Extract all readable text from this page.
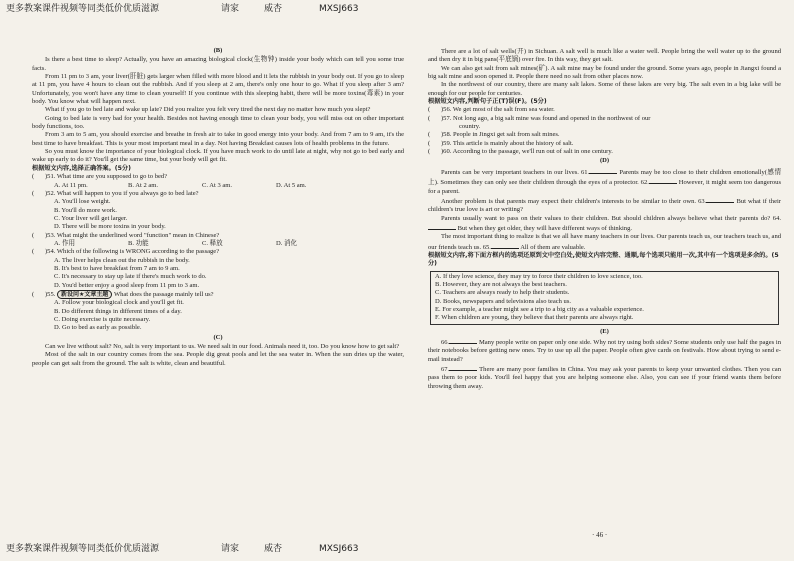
更多教案课件视频等同类低价优质滋源	请家	威杏	MXSJ663

(B)

Is there a best time to sleep? Actually, you have an amazing biological clock(生物钟) inside your body which can tell you some true facts.

From 11 pm to 3 am, your liver(肝脏) gets larger when filled with more blood and it lets the rubbish in your body out. If you go to sleep at 11 pm, you have 4 hours to clean out the rubbish. And if you sleep at 2 am, there's only one hour to go. What if you sleep after 3 am? Unfortunately, you won't have any time to clean yourself! If you continue with this sleeping habit, there will be more toxins(毒素) in your body. You know what will happen next.

What if you go to bed late and wake up late? Did you realize you felt very tired the next day no matter how much you slept?

Going to bed late is very bad for your health. Besides not having enough time to clean your body, you will miss out on other important body functions, too.

From 3 am to 5 am, you should exercise and breathe in fresh air to take in good energy into your body. And from 7 am to 9 am, it's the best time to have breakfast. This is your most important meal in a day. Not having Breakfast causes lots of health problems in the future.

So you must know the importance of your biological clock. If you have much work to do until late at night, why not go to bed early and wake up early to do it? You'll get the same time, but your body will get fit.

根据短文内容,选择正确答案。(5分)

( )51. What time are you supposed to go to bed?

A. At 11 pm.	B. At 2 am.	C. At 3 am.	D. At 5 am.

( )52. What will happen to you if you always go to bed late?

A. You'll lose weight.

B. You'll do more work.

C. Your liver will get larger.

D. There will be more toxins in your body.

( )53. What might the underlined word "function" mean in Chinese?

A. 作用	B. 功能	C. 释放	D. 消化

( )54. Which of the following is WRONG according to the passage?

A. The liver helps clean out the rubbish in the body.

B. It's best to have breakfast from 7 am to 9 am.

C. It's necessary to stay up late if there's much work to do.

D. You'd better enjoy a good sleep from 11 pm to 3 am.

( )55. 新设问★文章主题 What does the passage mainly tell us?

A. Follow your biological clock and you'll get fit.

B. Do different things in different times of a day.

C. Doing exercise is quite necessary.

D. Go to bed as early as possible.

(C)

Can we live without salt? No, salt is very important to us. We need salt in our food. Animals need it, too. Do you know how to get salt?

Most of the salt in our country comes from the sea. People dig great pools and let the sea water in. When the sun dries up the water, people can get salt from the ground. The salt is white, clean and beautiful.

There are a lot of salt wells(井) in Sichuan. A salt well is much like a water well. People bring the well water up to the ground and then dry it in big pans(平底锅) over fire. In this way, they get salt.

We can also get salt from salt mines(矿). A salt mine may be found under the ground. Some years ago, people in Jiangxi found a big salt mine and soon opened it. People there need no salt from other places now.

In the northwest of our country, there are many salt lakes. Some of these lakes are very big. The salt even in a big lake will be enough for our people for centuries.

根据短文内容,判断句子正(T)误(F)。(5分)

( )56. We get most of the salt from sea water.

( )57. Not long ago, a big salt mine was found and opened in the northwest of our

country.

( )58. People in Jingxi get salt from salt mines.

( )59. This article is mainly about the history of salt.

( )60. According to the passage, we'll run out of salt in one century.

(D)

Parents can be very important teachers in our lives. 61.	Parents may be too close to their children emotionally(感情上). Sometimes they can only see their children through the eyes of a protector. 62.	However, it might seem too dangerous for a parent.

Another problem is that parents may expect their children's interests to be similar to their own. 63.	But what if their children's true love is art or writing?

Parents usually want to pass on their values to their children. But should children always believe what their parents do? 64. But when they get older, they will have different ways of thinking.

The most important thing to realize is that we all have many teachers in our lives. Our parents teach us, our teachers teach us, and our friends teach us. 65.	All of them are valuable.

根据短文内容,将下面方框内的选项还原到文中空白处,使短文内容完整、通顺,每个选项只能用一次,其中有一个选项是多余的。(5分)

A. If they love science, they may try to force their children to love science, too.

B. However, they are not always the best teachers.

C. Teachers are always ready to help their students.

D. Books, newspapers and televisions also teach us.

E. For example, a teacher might see a trip to a big city as a valuable experience.

F. When children are young, they believe that their parents are always right.

(E)

66.	Many people write on paper only one side. Why not try using both sides? Some students only use half the pages in their notebooks before getting new ones. Try to use up all the paper. People often give cards on festivals. How about trying to send e-mail instead?

67.	There are many poor families in China. You may ask your parents to keep your unwanted clothes. Then you can pass them to poor kids. You'll feel happy that you are helping someone else. Also, you can see if your friend wants them before throwing them away.

· 46 ·
更多教案课件视频等同类低价优质滋源	请家	威杏	MXSJ663
